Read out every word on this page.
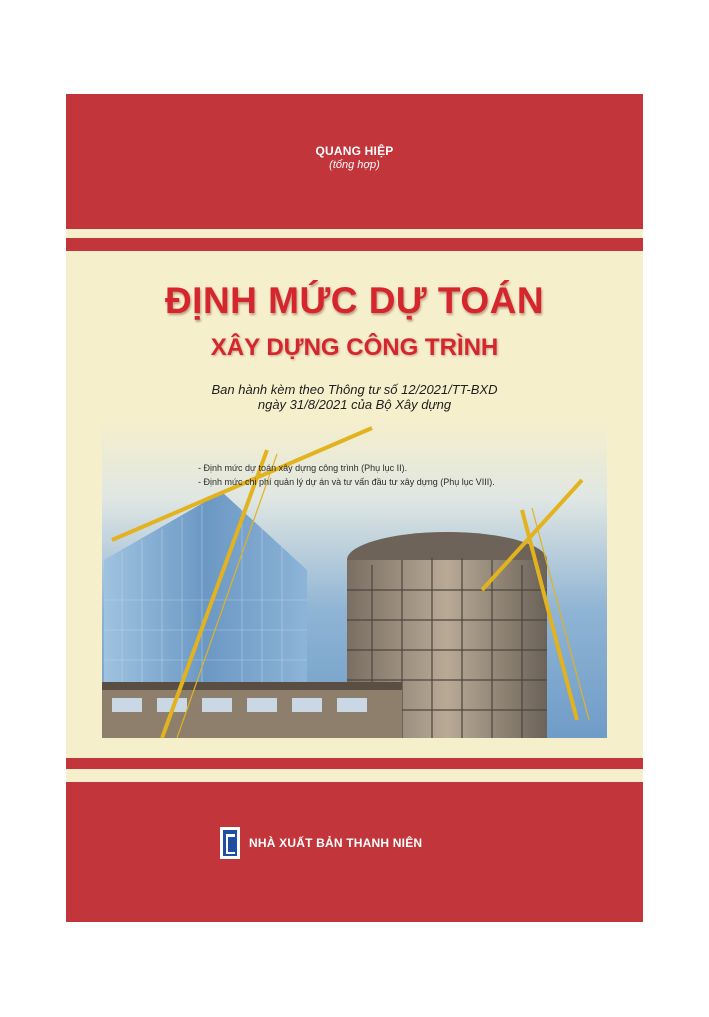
QUANG HIỆP
(tổng hợp)
ĐỊNH MỨC DỰ TOÁN
XÂY DỰNG CÔNG TRÌNH
Ban hành kèm theo Thông tư số 12/2021/TT-BXD
ngày 31/8/2021 của Bộ Xây dựng
- Định mức dự toán xây dựng công trình (Phụ lục II).
- Định mức chi phí quản lý dự án và tư vấn đầu tư xây dựng (Phụ lục VIII).
NHÀ XUẤT BẢN THANH NIÊN
